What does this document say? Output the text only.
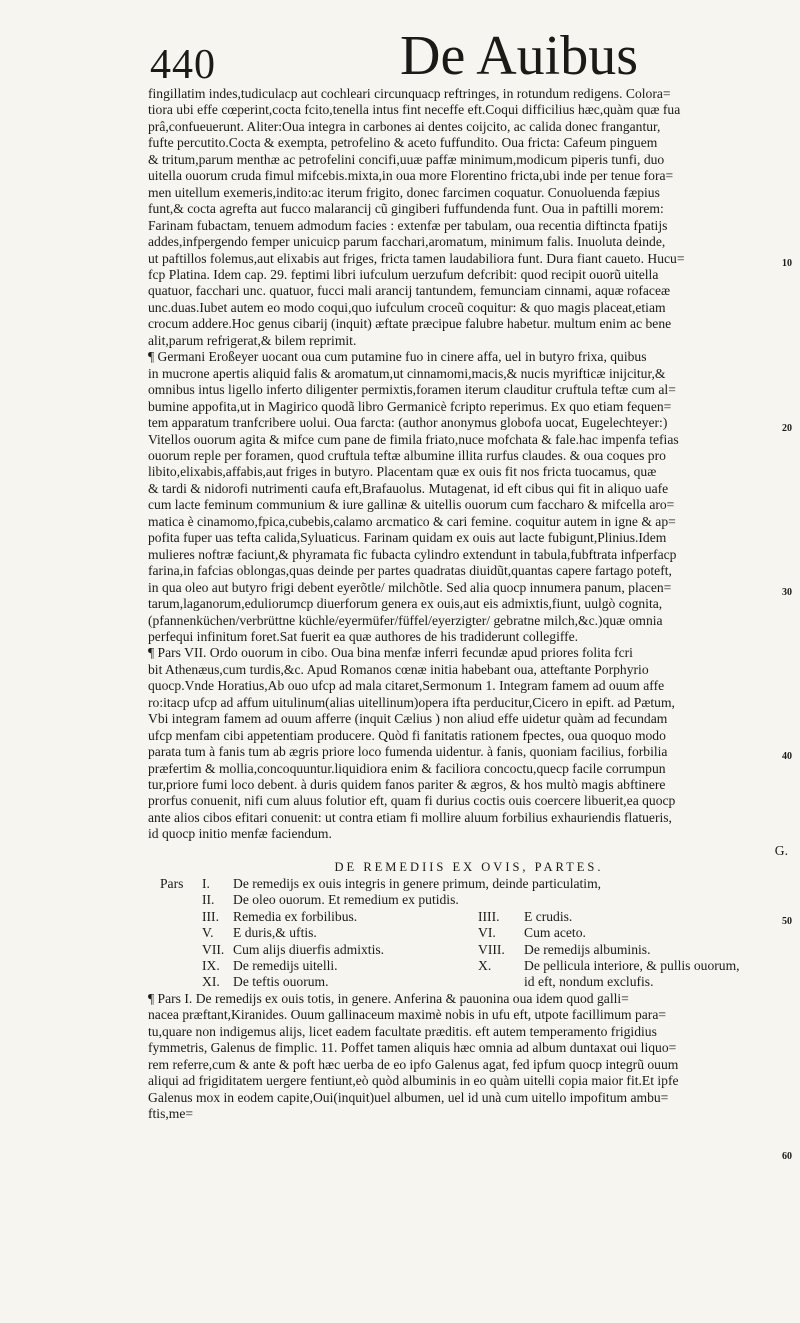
440	De Auibus
10
20
30
40
50
60
fingillatim indes,tudiculacp aut cochleari circunquacp reftringes, in rotundum redigens. Colora=
tiora ubi effe cœperint,cocta fcito,tenella intus fint neceffe eft.Coqui difficilius hæc,quàm quæ fua
prâ,confueuerunt. Aliter:Oua integra in carbones ai dentes coijcito, ac calida donec frangantur,
fufte percutito.Cocta & exempta, petrofelino & aceto fuffundito. Oua fricta: Cafeum pinguem
& tritum,parum menthæ ac petrofelini concifi,uuæ paffæ minimum,modicum piperis tunfi, duo
uitella ouorum cruda fimul mifcebis.mixta,in oua more Florentino fricta,ubi inde per tenue fora=
men uitellum exemeris,indito:ac iterum frigito, donec farcimen coquatur. Conuoluenda fæpius
funt,& cocta agrefta aut fucco malarancij cũ gingiberi fuffundenda funt. Oua in paftilli morem:
Farinam fubactam, tenuem admodum facies : extenfæ per tabulam, oua recentia diftincta fpatijs
addes,infpergendo femper unicuicp parum facchari,aromatum, minimum falis. Inuoluta deinde,
ut paftillos folemus,aut elixabis aut friges, fricta tamen laudabiliora funt. Dura fiant caueto. Hucu=
fcp Platina. Idem cap. 29. feptimi libri iufculum uerzufum defcribit: quod recipit ouorũ uitella
quatuor, facchari unc. quatuor, fucci mali arancij tantundem, femunciam cinnami, aquæ rofaceæ
unc.duas.Iubet autem eo modo coqui,quo iufculum croceũ coquitur: & quo magis placeat,etiam
crocum addere.Hoc genus cibarij (inquit) æftate præcipue falubre habetur. multum enim ac bene
alit,parum refrigerat,& bilem reprimit.
¶ Germani Eroßeyer uocant oua cum putamine fuo in cinere affa, uel in butyro frixa, quibus
in mucrone apertis aliquid falis & aromatum,ut cinnamomi,macis,& nucis myrifticæ inijcitur,&
omnibus intus ligello inferto diligenter permixtis,foramen iterum clauditur cruftula teftæ cum al=
bumine appofita,ut in Magirico quodã libro Germanicè fcripto reperimus. Ex quo etiam fequen=
tem apparatum tranfcribere uolui. Oua farcta: (author anonymus globofa uocat, Eugelechteyer:)
Vitellos ouorum agita & mifce cum pane de fimila friato,nuce mofchata & fale.hac impenfa tefias
ouorum reple per foramen, quod cruftula teftæ albumine illita rurfus claudes. & oua coques pro
libito,elixabis,affabis,aut friges in butyro. Placentam quæ ex ouis fit nos fricta tuocamus, quæ
& tardi & nidorofi nutrimenti caufa eft,Brafauolus. Mutagenat, id eft cibus qui fit in aliquo uafe
cum lacte feminum communium & iure gallinæ & uitellis ouorum cum faccharo & mifcella aro=
matica è cinamomo,fpica,cubebis,calamo arcmatico & cari femine. coquitur autem in igne & ap=
pofita fuper uas tefta calida,Syluaticus. Farinam quidam ex ouis aut lacte fubigunt,Plinius.Idem
mulieres noftræ faciunt,& phyramata fic fubacta cylindro extendunt in tabula,fubftrata infperfacp
farina,in fafcias oblongas,quas deinde per partes quadratas diuidũt,quantas capere fartago poteft,
in qua oleo aut butyro frigi debent eyerõtle/ milchõtle. Sed alia quocp innumera panum, placen=
tarum,laganorum,eduliorumcp diuerforum genera ex ouis,aut eis admixtis,fiunt, uulgò cognita,
(pfannenküchen/verbrüttne küchle/eyermüfer/füffel/eyerzigter/ gebratne milch,&c.)quæ omnia
perfequi infinitum foret.Sat fuerit ea quæ authores de his tradiderunt collegiffe.
¶ Pars VII. Ordo ouorum in cibo. Oua bina menfæ inferri fecundæ apud priores folita fcri
bit Athenæus,cum turdis,&c. Apud Romanos cœnæ initia habebant oua, atteftante Porphyrio
quocp.Vnde Horatius,Ab ouo ufcp ad mala citaret,Sermonum 1. Integram famem ad ouum affe
ro:itacp ufcp ad affum uitulinum(alias uitellinum)opera ifta perducitur,Cicero in epift. ad Pætum,
Vbi integram famem ad ouum afferre (inquit Cælius ) non aliud effe uidetur quàm ad fecundam
ufcp menfam cibi appetentiam producere. Quòd fi fanitatis rationem fpectes, oua quoquo modo
parata tum à fanis tum ab ægris priore loco fumenda uidentur. à fanis, quoniam facilius, forbilia
præfertim & mollia,concoquuntur.liquidiora enim & faciliora concoctu,quecp facile corrumpun
tur,priore fumi loco debent. à duris quidem fanos pariter & ægros, & hos multò magis abftinere
prorfus conuenit, nifi cum aluus folutior eft, quam fi durius coctis ouis coercere libuerit,ea quocp
ante alios cibos efitari conuenit: ut contra etiam fi mollire aluum forbilius exhauriendis flatueris,
id quocp initio menfæ faciendum.
G.
DE REMEDIIS EX OVIS, PARTES.
Pars I. De remedijs ex ouis integris in genere primum, deinde particulatim,
II. De oleo ouorum. Et remedium ex putidis.
III. Remedia ex forbilibus.	IIII. E crudis.
V. E duris,& uftis.	VI. Cum aceto.
VII. Cum alijs diuerfis admixtis.	VIII. De remedijs albuminis.
IX. De remedijs uitelli.	X. De pellicula interiore, & pullis ouorum,
XI. De teftis ouorum.	id eft, nondum exclufis.
¶ Pars I. De remedijs ex ouis totis, in genere. Anferina & pauonina oua idem quod galli=
nacea præftant,Kiranides. Ouum gallinaceum maximè nobis in ufu eft, utpote facillimum para=
tu,quare non indigemus alijs, licet eadem facultate præditis. eft autem temperamento frigidius
fymmetris, Galenus de fimplic. 11. Poffet tamen aliquis hæc omnia ad album duntaxat oui liquo=
rem referre,cum & ante & poft hæc uerba de eo ipfo Galenus agat, fed ipfum quocp integrũ ouum
aliqui ad frigiditatem uergere fentiunt,eò quòd albuminis in eo quàm uitelli copia maior fit.Et ipfe
Galenus mox in eodem capite,Oui(inquit)uel albumen, uel id unà cum uitello impofitum ambu=
ftis,me=
